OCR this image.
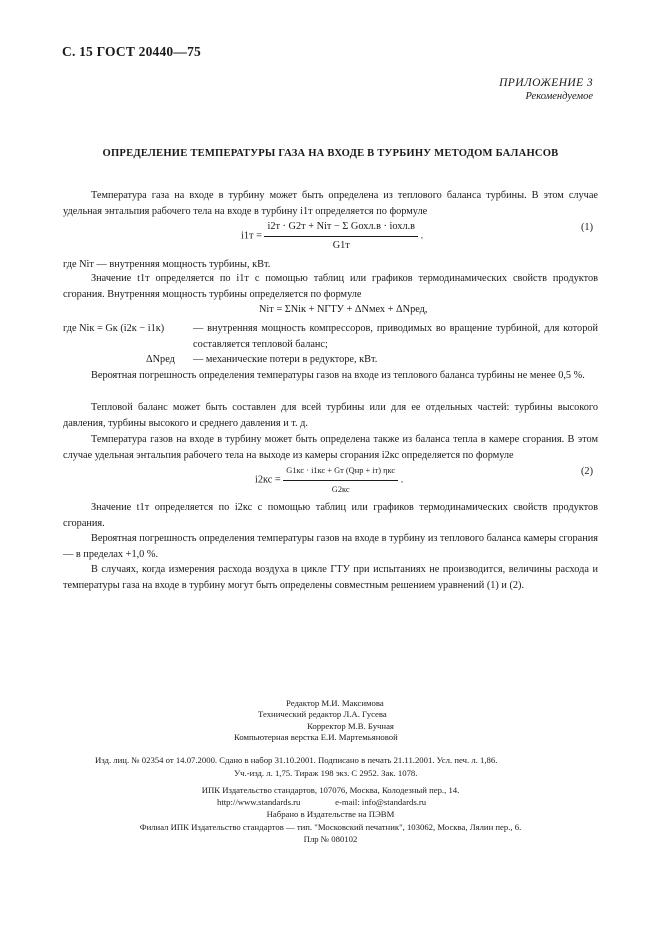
С. 15 ГОСТ 20440—75
ПРИЛОЖЕНИЕ 3
Рекомендуемое
ОПРЕДЕЛЕНИЕ ТЕМПЕРАТУРЫ ГАЗА НА ВХОДЕ В ТУРБИНУ МЕТОДОМ БАЛАНСОВ
Температура газа на входе в турбину может быть определена из теплового баланса турбины. В этом случае удельная энтальпия рабочего тела на входе в турбину i1т определяется по формуле
$i1т = \frac{\text{i2т · G2т + Niт − Σ Gохл.в · iохл.в}}{G1т}$ .
(1)
где Niт — внутренняя мощность турбины, кВт.
Значение t1т определяется по i1т с помощью таблиц или графиков термодинамических свойств продуктов сгорания. Внутренняя мощность турбины определяется по формуле
Niт = ΣNiк + NГТУ + ΔNмех + ΔNред,
где Niк = Gк (i2к − i1к)	— внутренняя мощность компрессоров, приводимых во вращение турбиной, для которой составляется тепловой баланс;
ΔNред — механические потери в редукторе, кВт.
Вероятная погрешность определения температуры газов на входе из теплового баланса турбины не менее 0,5 %.
Тепловой баланс может быть составлен для всей турбины или для ее отдельных частей: турбины высокого давления, турбины высокого и среднего давления и т. д.
Температура газов на входе в турбину может быть определена также из баланса тепла в камере сгорания. В этом случае удельная энтальпия рабочего тела на выходе из камеры сгорания i2кс определяется по формуле
$i2кс = \frac{\text{G1кс · i1кс + Gт (Qнр + iт) ηкс}}{G2кс}$ .
(2)
Значение t1т определяется по i2кс с помощью таблиц или графиков термодинамических свойств продуктов сгорания.
Вероятная погрешность определения температуры газов на входе в турбину из теплового баланса камеры сгорания — в пределах +1,0 %.
В случаях, когда измерения расхода воздуха в цикле ГТУ при испытаниях не производится, величины расхода и температуры газа на входе в турбину могут быть определены совместным решением уравнений (1) и (2).
Редактор М.И. Максимова
Технический редактор Л.А. Гусева
Корректор М.В. Бучная
Компьютерная верстка Е.И. Мартемьяновой
Изд. лиц. № 02354 от 14.07.2000. Сдано в набор 31.10.2001. Подписано в печать 21.11.2001. Усл. печ. л. 1,86.
Уч.-изд. л. 1,75. Тираж 198 экз. С 2952. Зак. 1078.
ИПК Издательство стандартов, 107076, Москва, Колодезный пер., 14.
http://www.standards.ru                e-mail: info@standards.ru
Набрано в Издательстве на ПЭВМ
Филиал ИПК Издательство стандартов — тип. "Московский печатник", 103062, Москва, Лялин пер., 6.
Плр № 080102
